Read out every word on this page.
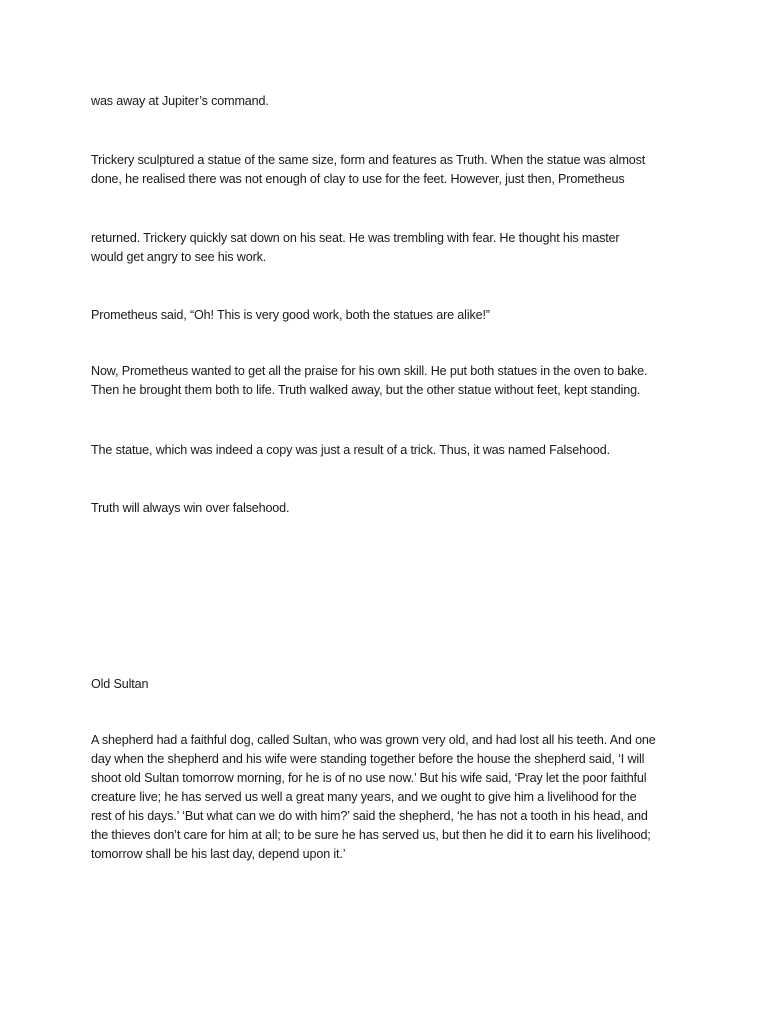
was away at Jupiter’s command.

Trickery sculptured a statue of the same size, form and features as Truth. When the statue was almost
done, he realised there was not enough of clay to use for the feet. However, just then, Prometheus

returned. Trickery quickly sat down on his seat. He was trembling with fear. He thought his master
would get angry to see his work.

Prometheus said, “Oh! This is very good work, both the statues are alike!”

Now, Prometheus wanted to get all the praise for his own skill. He put both statues in the oven to bake.
Then he brought them both to life. Truth walked away, but the other statue without feet, kept standing.

The statue, which was indeed a copy was just a result of a trick. Thus, it was named Falsehood.

Truth will always win over falsehood.

Old Sultan

A shepherd had a faithful dog, called Sultan, who was grown very old, and had lost all his teeth. And one
day when the shepherd and his wife were standing together before the house the shepherd said, ‘I will
shoot old Sultan tomorrow morning, for he is of no use now.’ But his wife said, ‘Pray let the poor faithful
creature live; he has served us well a great many years, and we ought to give him a livelihood for the
rest of his days.’ ‘But what can we do with him?’ said the shepherd, ‘he has not a tooth in his head, and
the thieves don’t care for him at all; to be sure he has served us, but then he did it to earn his livelihood;
tomorrow shall be his last day, depend upon it.’
